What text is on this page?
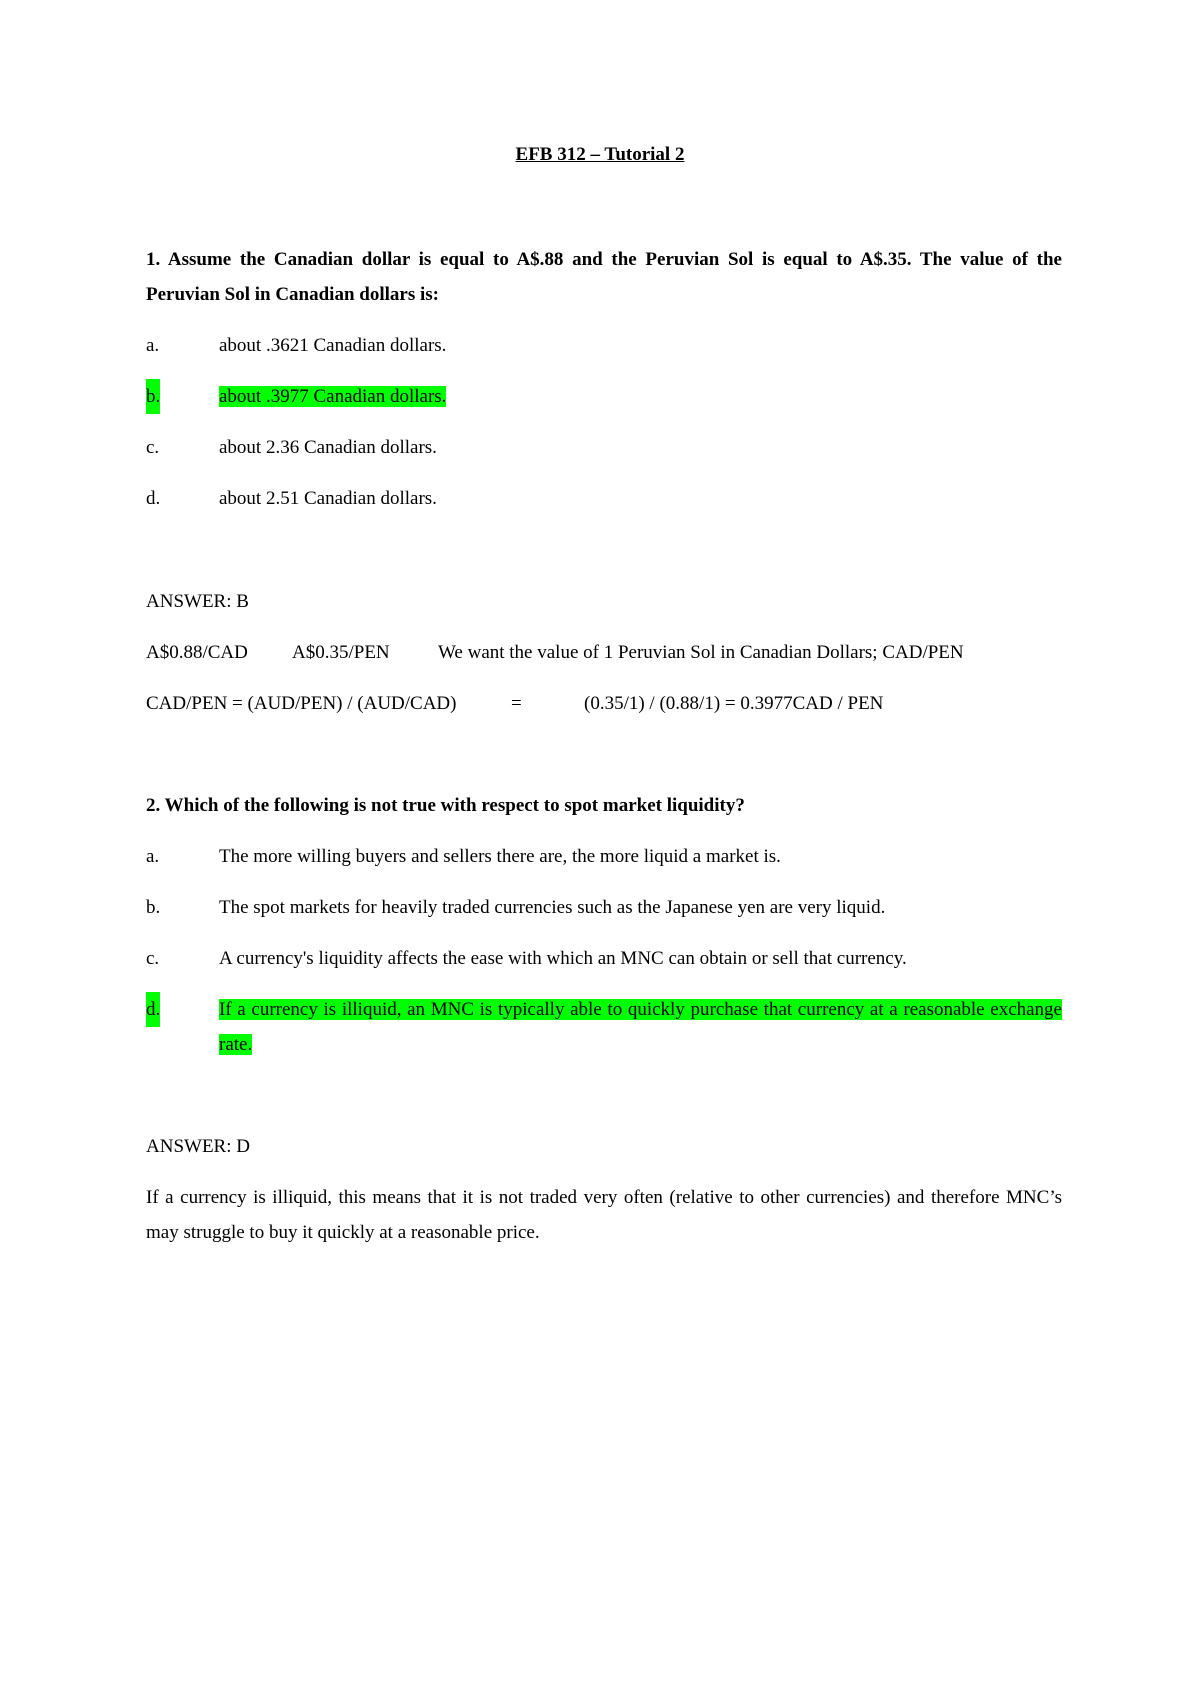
EFB 312 – Tutorial 2
1. Assume the Canadian dollar is equal to A$.88 and the Peruvian Sol is equal to A$.35. The value of the Peruvian Sol in Canadian dollars is:
a.	about .3621 Canadian dollars.
b.	about .3977 Canadian dollars.
c.	about 2.36 Canadian dollars.
d.	about 2.51 Canadian dollars.
ANSWER: B
A$0.88/CAD A$0.35/PEN	We want the value of 1 Peruvian Sol in Canadian Dollars; CAD/PEN
CAD/PEN = (AUD/PEN) / (AUD/CAD)	=	(0.35/1) / (0.88/1) = 0.3977CAD / PEN
2. Which of the following is not true with respect to spot market liquidity?
a.	The more willing buyers and sellers there are, the more liquid a market is.
b.	The spot markets for heavily traded currencies such as the Japanese yen are very liquid.
c.	A currency's liquidity affects the ease with which an MNC can obtain or sell that currency.
d.	If a currency is illiquid, an MNC is typically able to quickly purchase that currency at a reasonable exchange rate.
ANSWER: D
If a currency is illiquid, this means that it is not traded very often (relative to other currencies) and therefore MNC’s may struggle to buy it quickly at a reasonable price.
